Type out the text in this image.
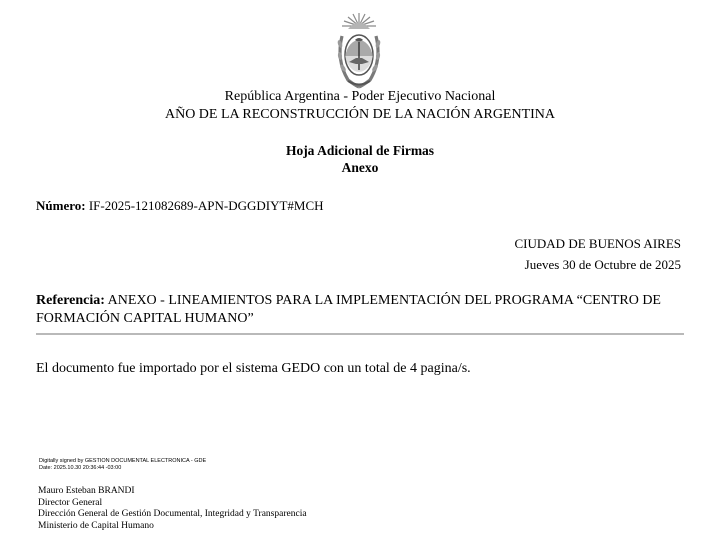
República Argentina - Poder Ejecutivo Nacional
AÑO DE LA RECONSTRUCCIÓN DE LA NACIÓN ARGENTINA
Hoja Adicional de Firmas
Anexo
Número: IF-2025-121082689-APN-DGGDIYT#MCH
CIUDAD DE BUENOS AIRES
Jueves 30 de Octubre de 2025
Referencia: ANEXO - LINEAMIENTOS PARA LA IMPLEMENTACIÓN DEL PROGRAMA “CENTRO DE FORMACIÓN CAPITAL HUMANO”
El documento fue importado por el sistema GEDO con un total de 4 pagina/s.
Digitally signed by GESTION DOCUMENTAL ELECTRONICA - GDE
Date: 2025.10.30 20:36:44 -03:00
Mauro Esteban BRANDI
Director General
Dirección General de Gestión Documental, Integridad y Transparencia
Ministerio de Capital Humano
